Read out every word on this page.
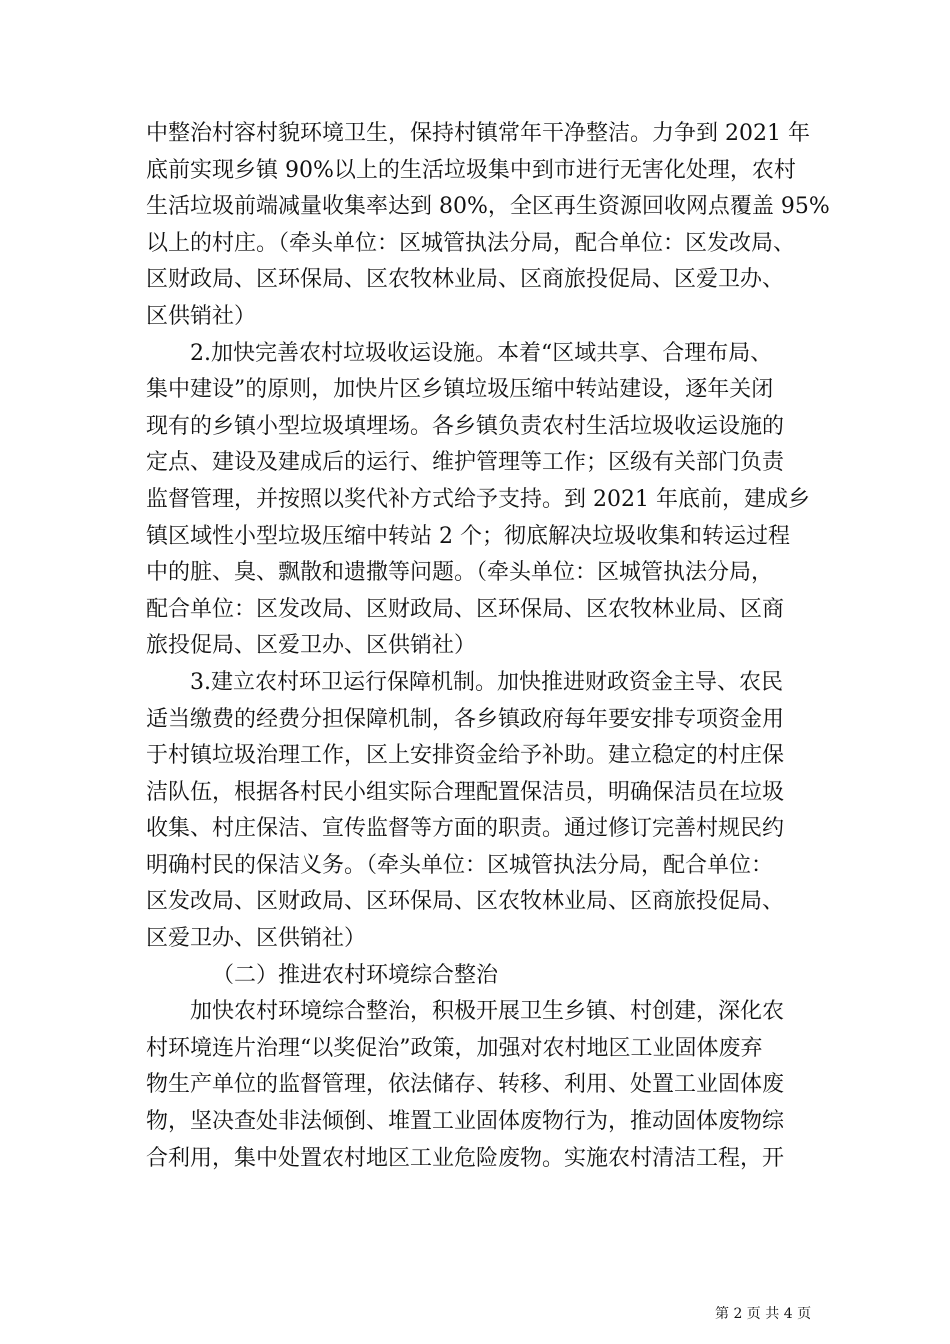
中整治村容村貌环境卫生，保持村镇常年干净整洁。力争到 2021 年

底前实现乡镇 90%以上的生活垃圾集中到市进行无害化处理，农村

生活垃圾前端减量收集率达到 80%，全区再生资源回收网点覆盖 95%

以上的村庄。（牵头单位：区城管执法分局，配合单位：区发改局、

区财政局、区环保局、区农牧林业局、区商旅投促局、区爱卫办、

区供销社）

2.加快完善农村垃圾收运设施。本着“区域共享、合理布局、

集中建设”的原则，加快片区乡镇垃圾压缩中转站建设，逐年关闭

现有的乡镇小型垃圾填埋场。各乡镇负责农村生活垃圾收运设施的

定点、建设及建成后的运行、维护管理等工作；区级有关部门负责

监督管理，并按照以奖代补方式给予支持。到 2021 年底前，建成乡

镇区域性小型垃圾压缩中转站 2 个；彻底解决垃圾收集和转运过程

中的脏、臭、飘散和遗撒等问题。（牵头单位：区城管执法分局，

配合单位：区发改局、区财政局、区环保局、区农牧林业局、区商

旅投促局、区爱卫办、区供销社）

3.建立农村环卫运行保障机制。加快推进财政资金主导、农民

适当缴费的经费分担保障机制，各乡镇政府每年要安排专项资金用

于村镇垃圾治理工作，区上安排资金给予补助。建立稳定的村庄保

洁队伍，根据各村民小组实际合理配置保洁员，明确保洁员在垃圾

收集、村庄保洁、宣传监督等方面的职责。通过修订完善村规民约

明确村民的保洁义务。（牵头单位：区城管执法分局，配合单位：

区发改局、区财政局、区环保局、区农牧林业局、区商旅投促局、

区爱卫办、区供销社）

（二）推进农村环境综合整治

加快农村环境综合整治，积极开展卫生乡镇、村创建，深化农

村环境连片治理“以奖促治”政策，加强对农村地区工业固体废弃

物生产单位的监督管理，依法储存、转移、利用、处置工业固体废

物，坚决查处非法倾倒、堆置工业固体废物行为，推动固体废物综

合利用，集中处置农村地区工业危险废物。实施农村清洁工程，开

第 2 页 共 4 页
